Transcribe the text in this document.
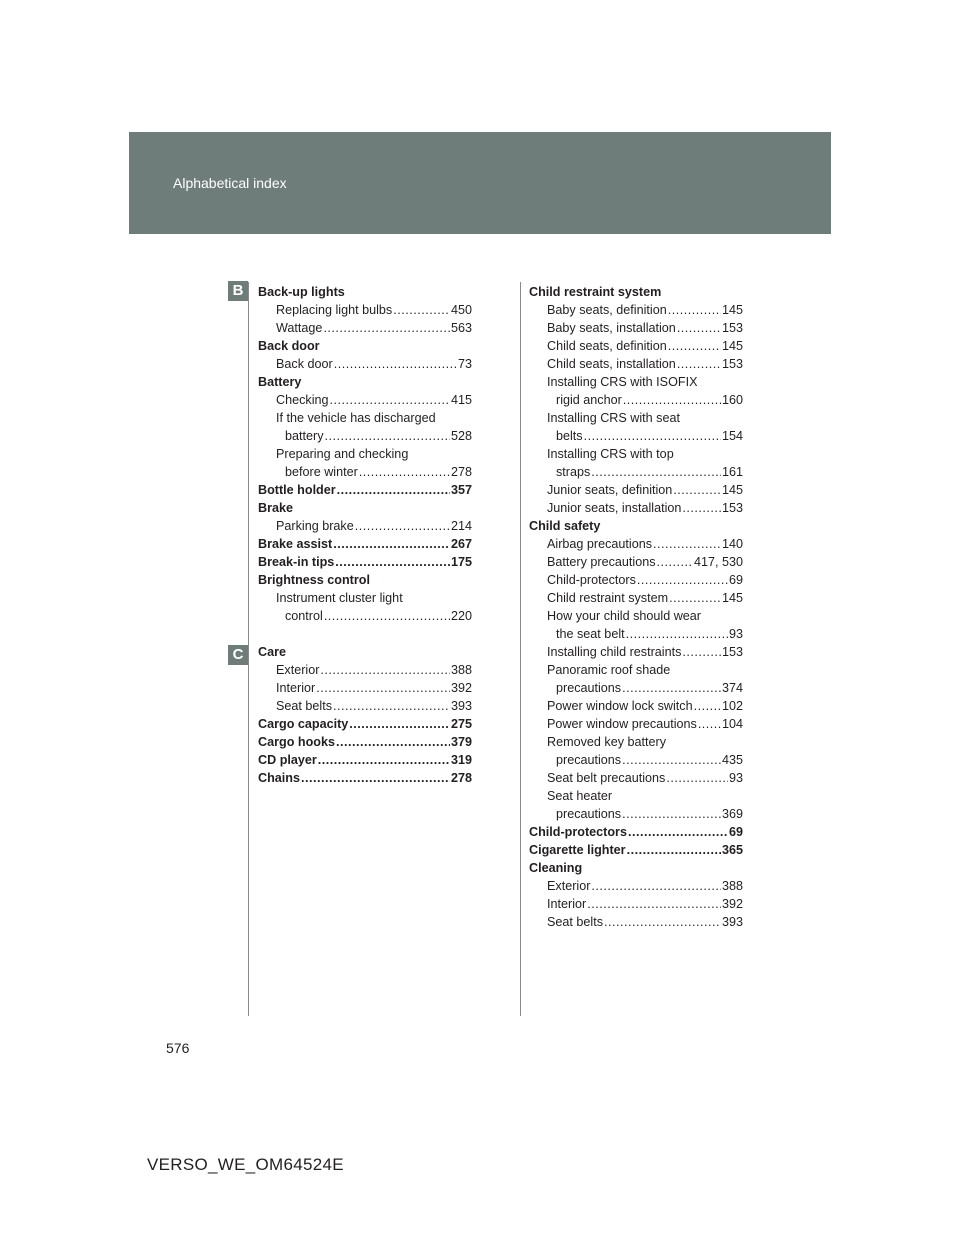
Alphabetical index
B
C
Back-up lights
Replacing light bulbs .....	450
Wattage .....	563
Back door
Back door .....	73
Battery
Checking .....	415
If the vehicle has discharged
battery .....	528
Preparing and checking
before winter .....	278
Bottle holder .....	357
Brake
Parking brake .....	214
Brake assist .....	267
Break-in tips .....	175
Brightness control
Instrument cluster light
control .....	220
Care
Exterior .....	388
Interior .....	392
Seat belts .....	393
Cargo capacity .....	275
Cargo hooks .....	379
CD player .....	319
Chains .....	278
Child restraint system
Baby seats, definition .....	145
Baby seats, installation .....	153
Child seats, definition .....	145
Child seats, installation .....	153
Installing CRS with ISOFIX
rigid anchor .....	160
Installing CRS with seat
belts .....	154
Installing CRS with top
straps .....	161
Junior seats, definition .....	145
Junior seats, installation .....	153
Child safety
Airbag precautions .....	140
Battery precautions .....	417, 530
Child-protectors .....	69
Child restraint system .....	145
How your child should wear
the seat belt .....	93
Installing child restraints .....	153
Panoramic roof shade
precautions .....	374
Power window lock switch ..... 102
Power window precautions ..... 104
Removed key battery
precautions .....	435
Seat belt precautions .....	93
Seat heater
precautions .....	369
Child-protectors .....	69
Cigarette lighter .....	365
Cleaning
Exterior .....	388
Interior .....	392
Seat belts .....	393
576
VERSO_WE_OM64524E
